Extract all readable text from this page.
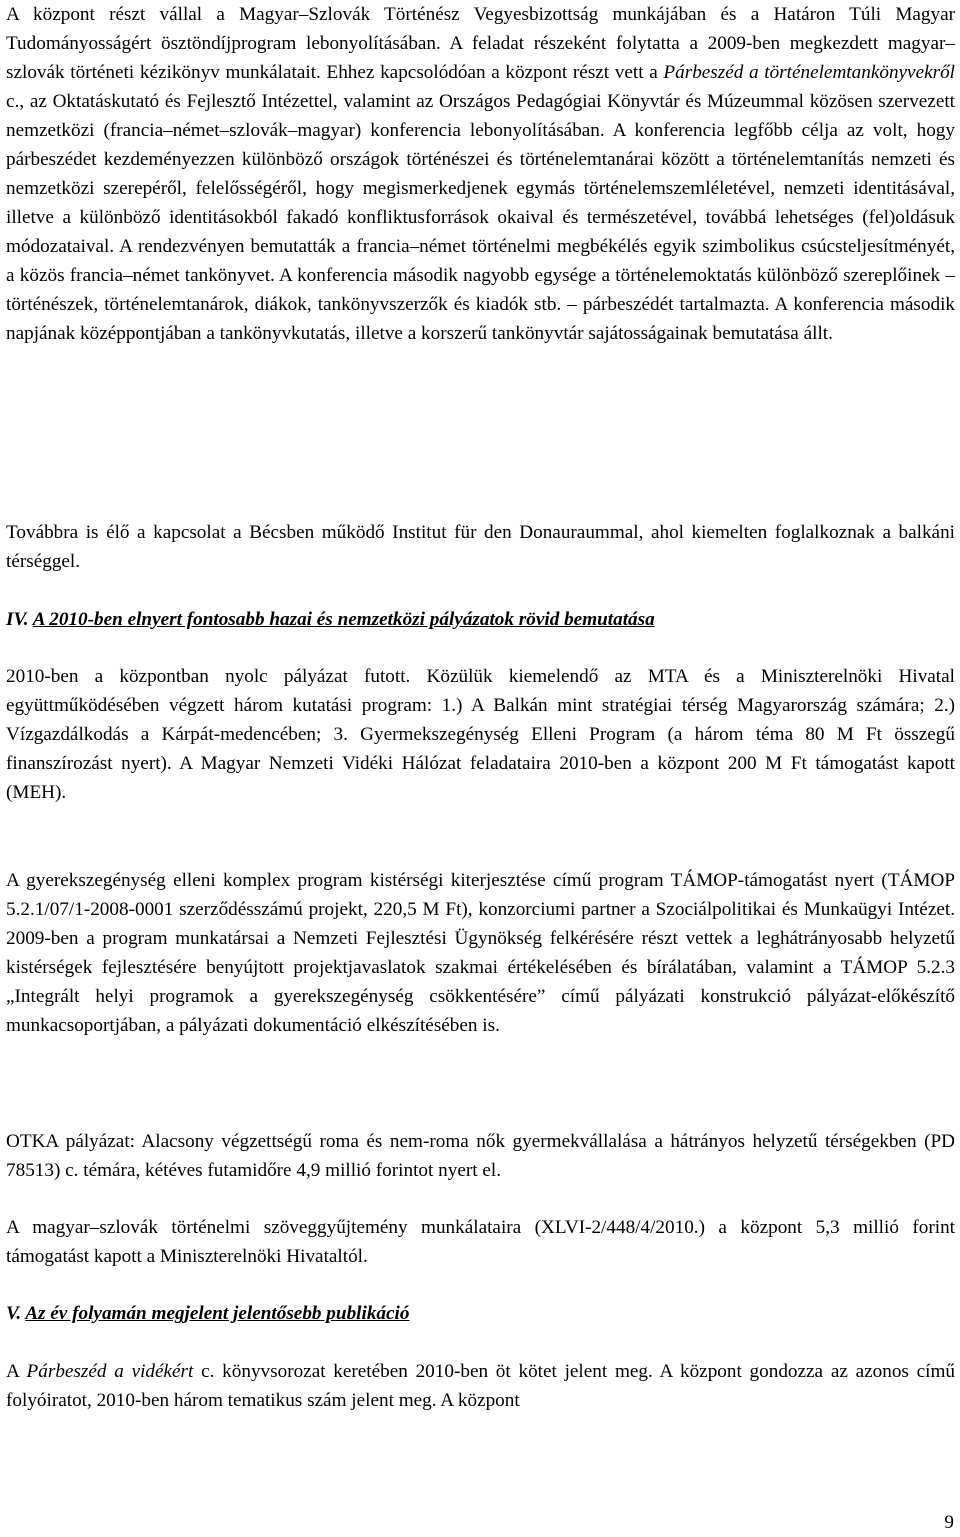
A központ részt vállal a Magyar–Szlovák Történész Vegyesbizottság munkájában és a Határon Túli Magyar Tudományosságért ösztöndíjprogram lebonyolításában. A feladat részeként folytatta a 2009-ben megkezdett magyar–szlovák történeti kézikönyv munkálatait. Ehhez kapcsolódóan a központ részt vett a Párbeszéd a történelemtankönyvekről c., az Oktatáskutató és Fejlesztő Intézettel, valamint az Országos Pedagógiai Könyvtár és Múzeummal közösen szervezett nemzetközi (francia–német–szlovák–magyar) konferencia lebonyolításában. A konferencia legfőbb célja az volt, hogy párbeszédet kezdeményezzen különböző országok történészei és történelemtanárai között a történelemtanítás nemzeti és nemzetközi szerepéről, felelősségéről, hogy megismerkedjenek egymás történelemszemléletével, nemzeti identitásával, illetve a különböző identitásokból fakadó konfliktusforrások okaival és természetével, továbbá lehetséges (fel)oldásuk módozataival. A rendezvényen bemutatták a francia–német történelmi megbékélés egyik szimbolikus csúcsteljesítményét, a közös francia–német tankönyvet. A konferencia második nagyobb egysége a történelemoktatás különböző szereplőinek – történészek, történelemtanárok, diákok, tankönyvszerzők és kiadók stb. – párbeszédét tartalmazta. A konferencia második napjának középpontjában a tankönyvkutatás, illetve a korszerű tankönyvtár sajátosságainak bemutatása állt.

Továbbra is élő a kapcsolat a Bécsben működő Institut für den Donauraummal, ahol kiemelten foglalkoznak a balkáni térséggel.

IV. A 2010-ben elnyert fontosabb hazai és nemzetközi pályázatok rövid bemutatása

2010-ben a központban nyolc pályázat futott. Közülük kiemelendő az MTA és a Miniszterelnöki Hivatal együttműködésében végzett három kutatási program: 1.) A Balkán mint stratégiai térség Magyarország számára; 2.) Vízgazdálkodás a Kárpát-medencében; 3. Gyermekszegénység Elleni Program (a három téma 80 M Ft összegű finanszírozást nyert). A Magyar Nemzeti Vidéki Hálózat feladataira 2010-ben a központ 200 M Ft támogatást kapott (MEH).

A gyerekszegénység elleni komplex program kistérségi kiterjesztése című program TÁMOP-támogatást nyert (TÁMOP 5.2.1/07/1-2008-0001 szerződésszámú projekt, 220,5 M Ft), konzorciumi partner a Szociálpolitikai és Munkaügyi Intézet. 2009-ben a program munkatársai a Nemzeti Fejlesztési Ügynökség felkérésére részt vettek a leghátrányosabb helyzetű kistérségek fejlesztésére benyújtott projektjavaslatok szakmai értékelésében és bírálatában, valamint a TÁMOP 5.2.3 „Integrált helyi programok a gyerekszegénység csökkentésére” című pályázati konstrukció pályázat-előkészítő munkacsoportjában, a pályázati dokumentáció elkészítésében is.

OTKA pályázat: Alacsony végzettségű roma és nem-roma nők gyermekvállalása a hátrányos helyzetű térségekben (PD 78513) c. témára, kétéves futamidőre 4,9 millió forintot nyert el.

A magyar–szlovák történelmi szöveggyűjtemény munkálataira (XLVI-2/448/4/2010.) a központ 5,3 millió forint támogatást kapott a Miniszterelnöki Hivataltól.

V. Az év folyamán megjelent jelentősebb publikáció

A Párbeszéd a vidékért c. könyvsorozat keretében 2010-ben öt kötet jelent meg. A központ gondozza az azonos című folyóiratot, 2010-ben három tematikus szám jelent meg. A központ

9
